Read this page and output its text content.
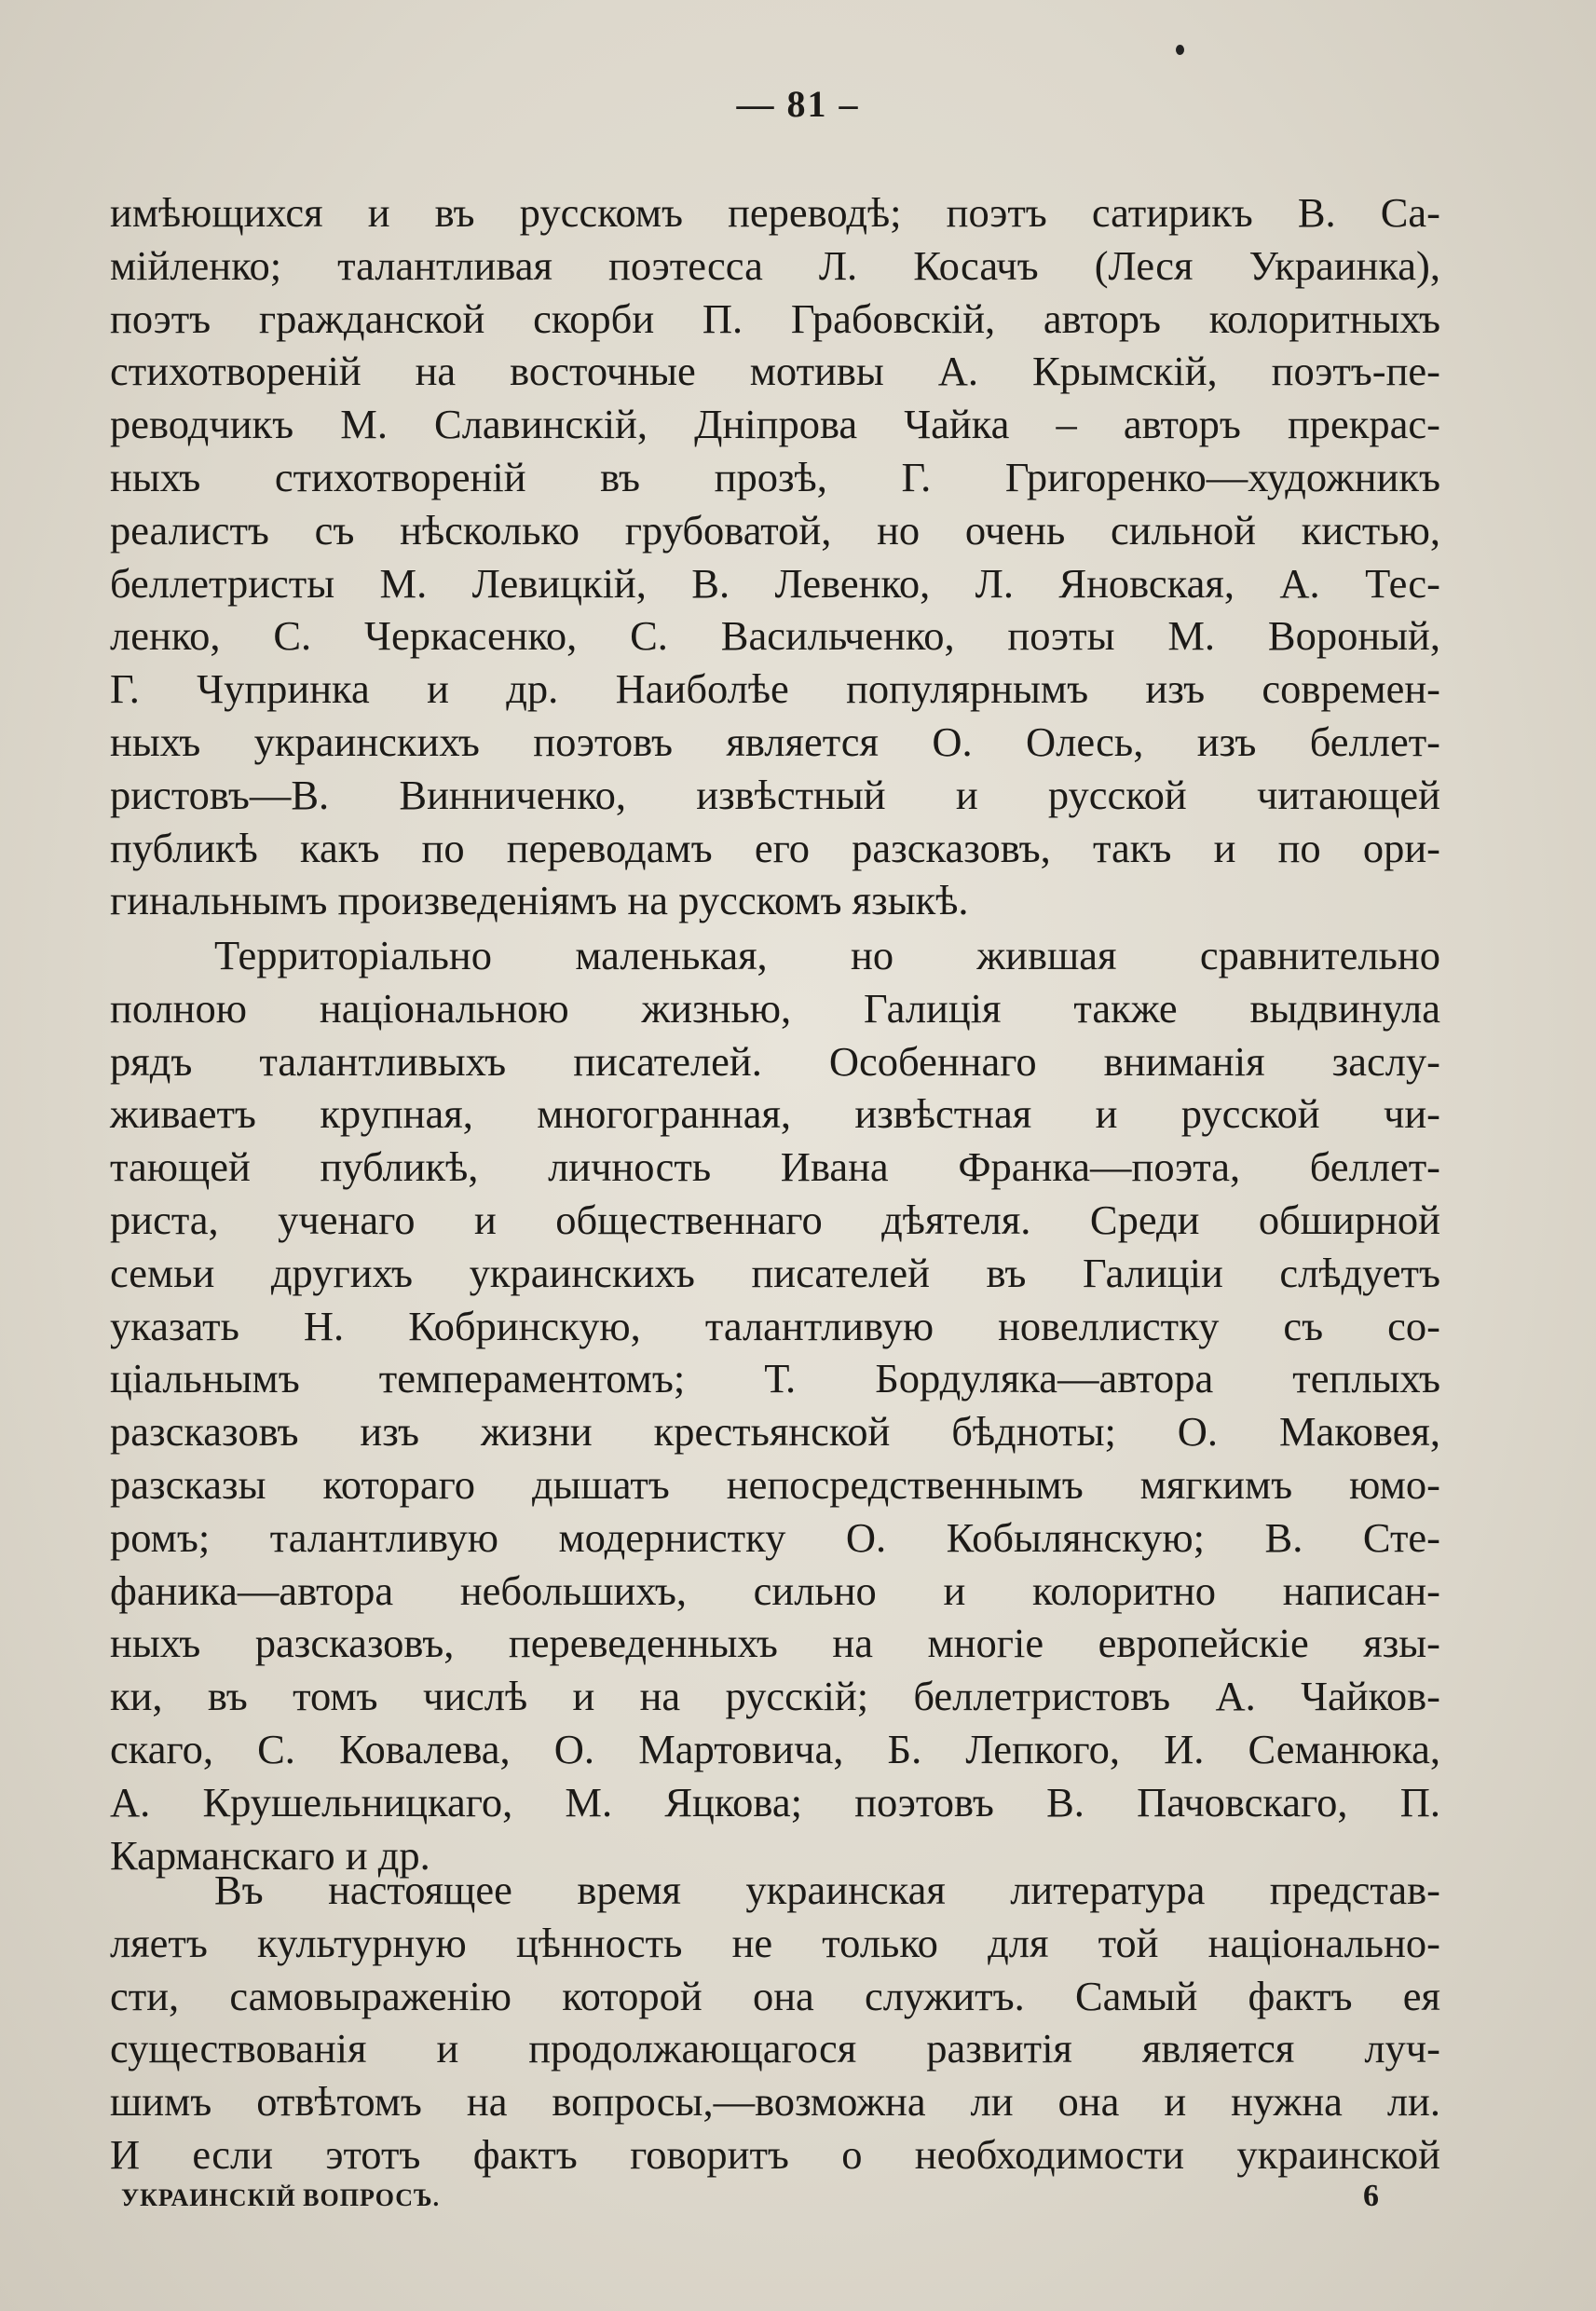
— 81 –
имѣющихся и въ русскомъ переводѣ; поэтъ сатирикъ В. Са-
мійленко; талантливая поэтесса Л. Косачъ (Леся Украинка),
поэтъ гражданской скорби П. Грабовскій, авторъ колоритныхъ
стихотвореній на восточные мотивы А. Крымскій, поэтъ-пе-
реводчикъ М. Славинскій, Днiпрова Чайка – авторъ прекрас-
ныхъ стихотвореній въ прозѣ, Г. Григоренко—художникъ
реалистъ съ нѣсколько грубоватой, но очень сильной кистью,
беллетристы М. Левицкій, В. Левенко, Л. Яновская, А. Тес-
ленко, С. Черкасенко, С. Васильченко, поэты М. Вороный,
Г. Чупринка и др. Наиболѣе популярнымъ изъ современ-
ныхъ украинскихъ поэтовъ является О. Олесь, изъ беллет-
ристовъ—В. Винниченко, извѣстный и русской читающей
публикѣ какъ по переводамъ его разсказовъ, такъ и по ори-
гинальнымъ произведеніямъ на русскомъ языкѣ.
Территоріально маленькая, но жившая сравнительно
полною національною жизнью, Галиція также выдвинула
рядъ талантливыхъ писателей. Особеннаго вниманія заслу-
живаетъ крупная, многогранная, извѣстная и русской чи-
тающей публикѣ, личность Ивана Франка—поэта, беллет-
риста, ученаго и общественнаго дѣятеля. Среди обширной
семьи другихъ украинскихъ писателей въ Галиціи слѣдуетъ
указать Н. Кобринскую, талантливую новеллистку съ со-
ціальнымъ темпераментомъ; Т. Бордуляка—автора теплыхъ
разсказовъ изъ жизни крестьянской бѣдноты; О. Маковея,
разсказы котораго дышатъ непосредственнымъ мягкимъ юмо-
ромъ; талантливую модернистку О. Кобылянскую; В. Сте-
фаника—автора небольшихъ, сильно и колоритно написан-
ныхъ разсказовъ, переведенныхъ на многіе европейскіе язы-
ки, въ томъ числѣ и на русскій; беллетристовъ А. Чайков-
скаго, С. Ковалева, О. Мартовича, Б. Лепкого, И. Семанюка,
А. Крушельницкаго, М. Яцкова; поэтовъ В. Пачовскаго, П.
Карманскаго и др.
Въ настоящее время украинская литература представ-
ляетъ культурную цѣнность не только для той національно-
сти, самовыраженію которой она служитъ. Самый фактъ ея
существованія и продолжающагося развитія является луч-
шимъ отвѣтомъ на вопросы,—возможна ли она и нужна ли.
И если этотъ фактъ говоритъ о необходимости украинской
УКРАИНСКІЙ ВОПРОСЪ.	6
